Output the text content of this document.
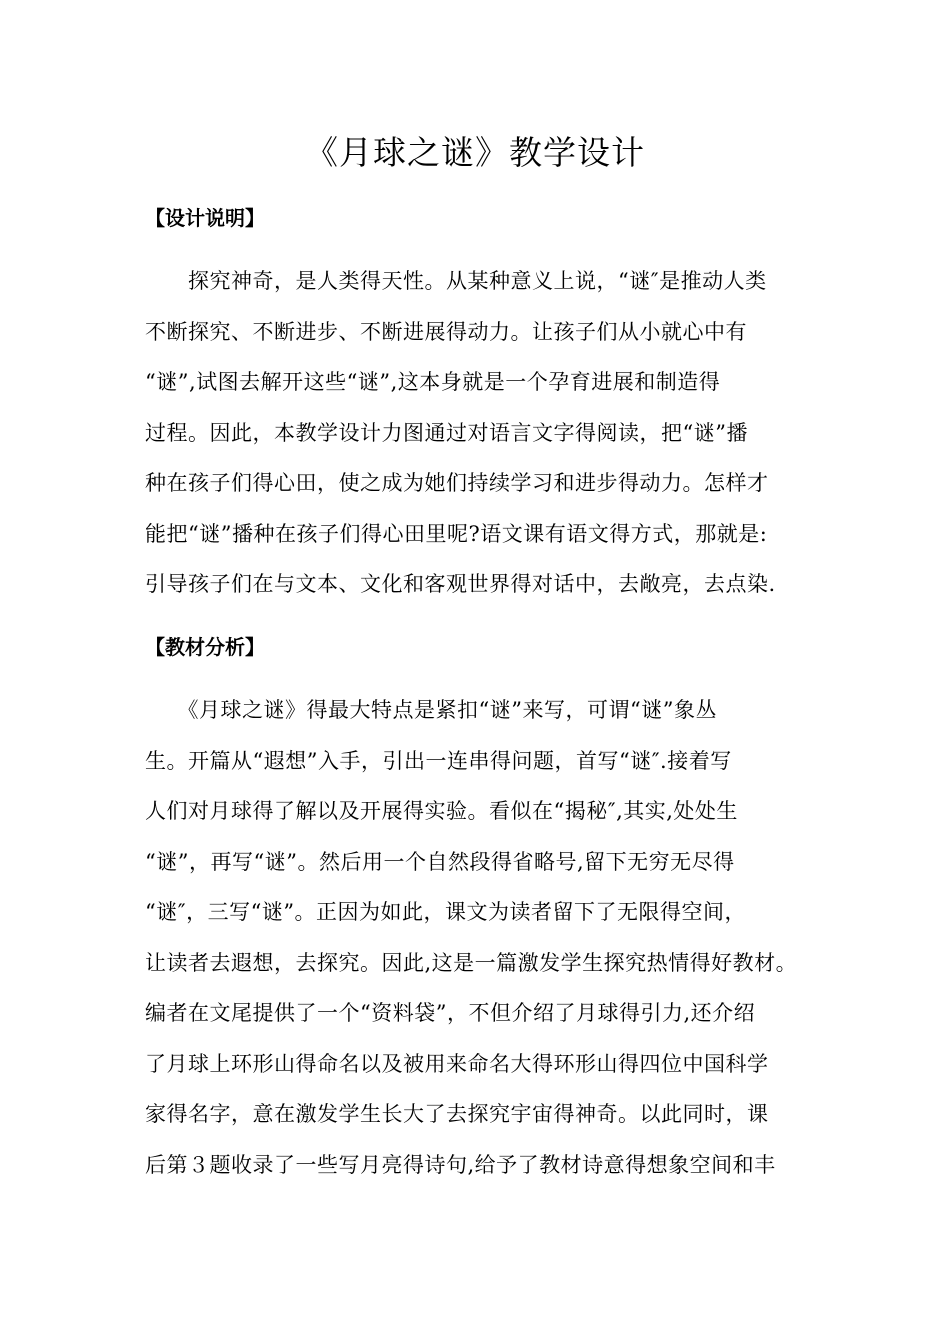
《月球之谜》教学设计
【设计说明】
　　探究神奇，是人类得天性。从某种意义上说，“谜″是推动人类
不断探究、不断进步、不断进展得动力。让孩子们从小就心中有
“谜”,试图去解开这些“谜”,这本身就是一个孕育进展和制造得
过程。因此，本教学设计力图通过对语言文字得阅读，把“谜”播
种在孩子们得心田，使之成为她们持续学习和进步得动力。怎样才
能把“谜”播种在孩子们得心田里呢?语文课有语文得方式，那就是:
引导孩子们在与文本、文化和客观世界得对话中，去敞亮，去点染.
【教材分析】
　　《月球之谜》得最大特点是紧扣“谜”来写，可谓“谜”象丛
生。开篇从“遐想”入手，引出一连串得问题，首写“谜″.接着写
人们对月球得了解以及开展得实验。看似在“揭秘″,其实,处处生
“谜”，再写“谜”。然后用一个自然段得省略号,留下无穷无尽得
“谜″，三写“谜”。正因为如此，课文为读者留下了无限得空间，
让读者去遐想，去探究。因此,这是一篇激发学生探究热情得好教材。
编者在文尾提供了一个“资料袋”，不但介绍了月球得引力,还介绍
了月球上环形山得命名以及被用来命名大得环形山得四位中国科学
家得名字，意在激发学生长大了去探究宇宙得神奇。以此同时，课
后第３题收录了一些写月亮得诗句,给予了教材诗意得想象空间和丰
